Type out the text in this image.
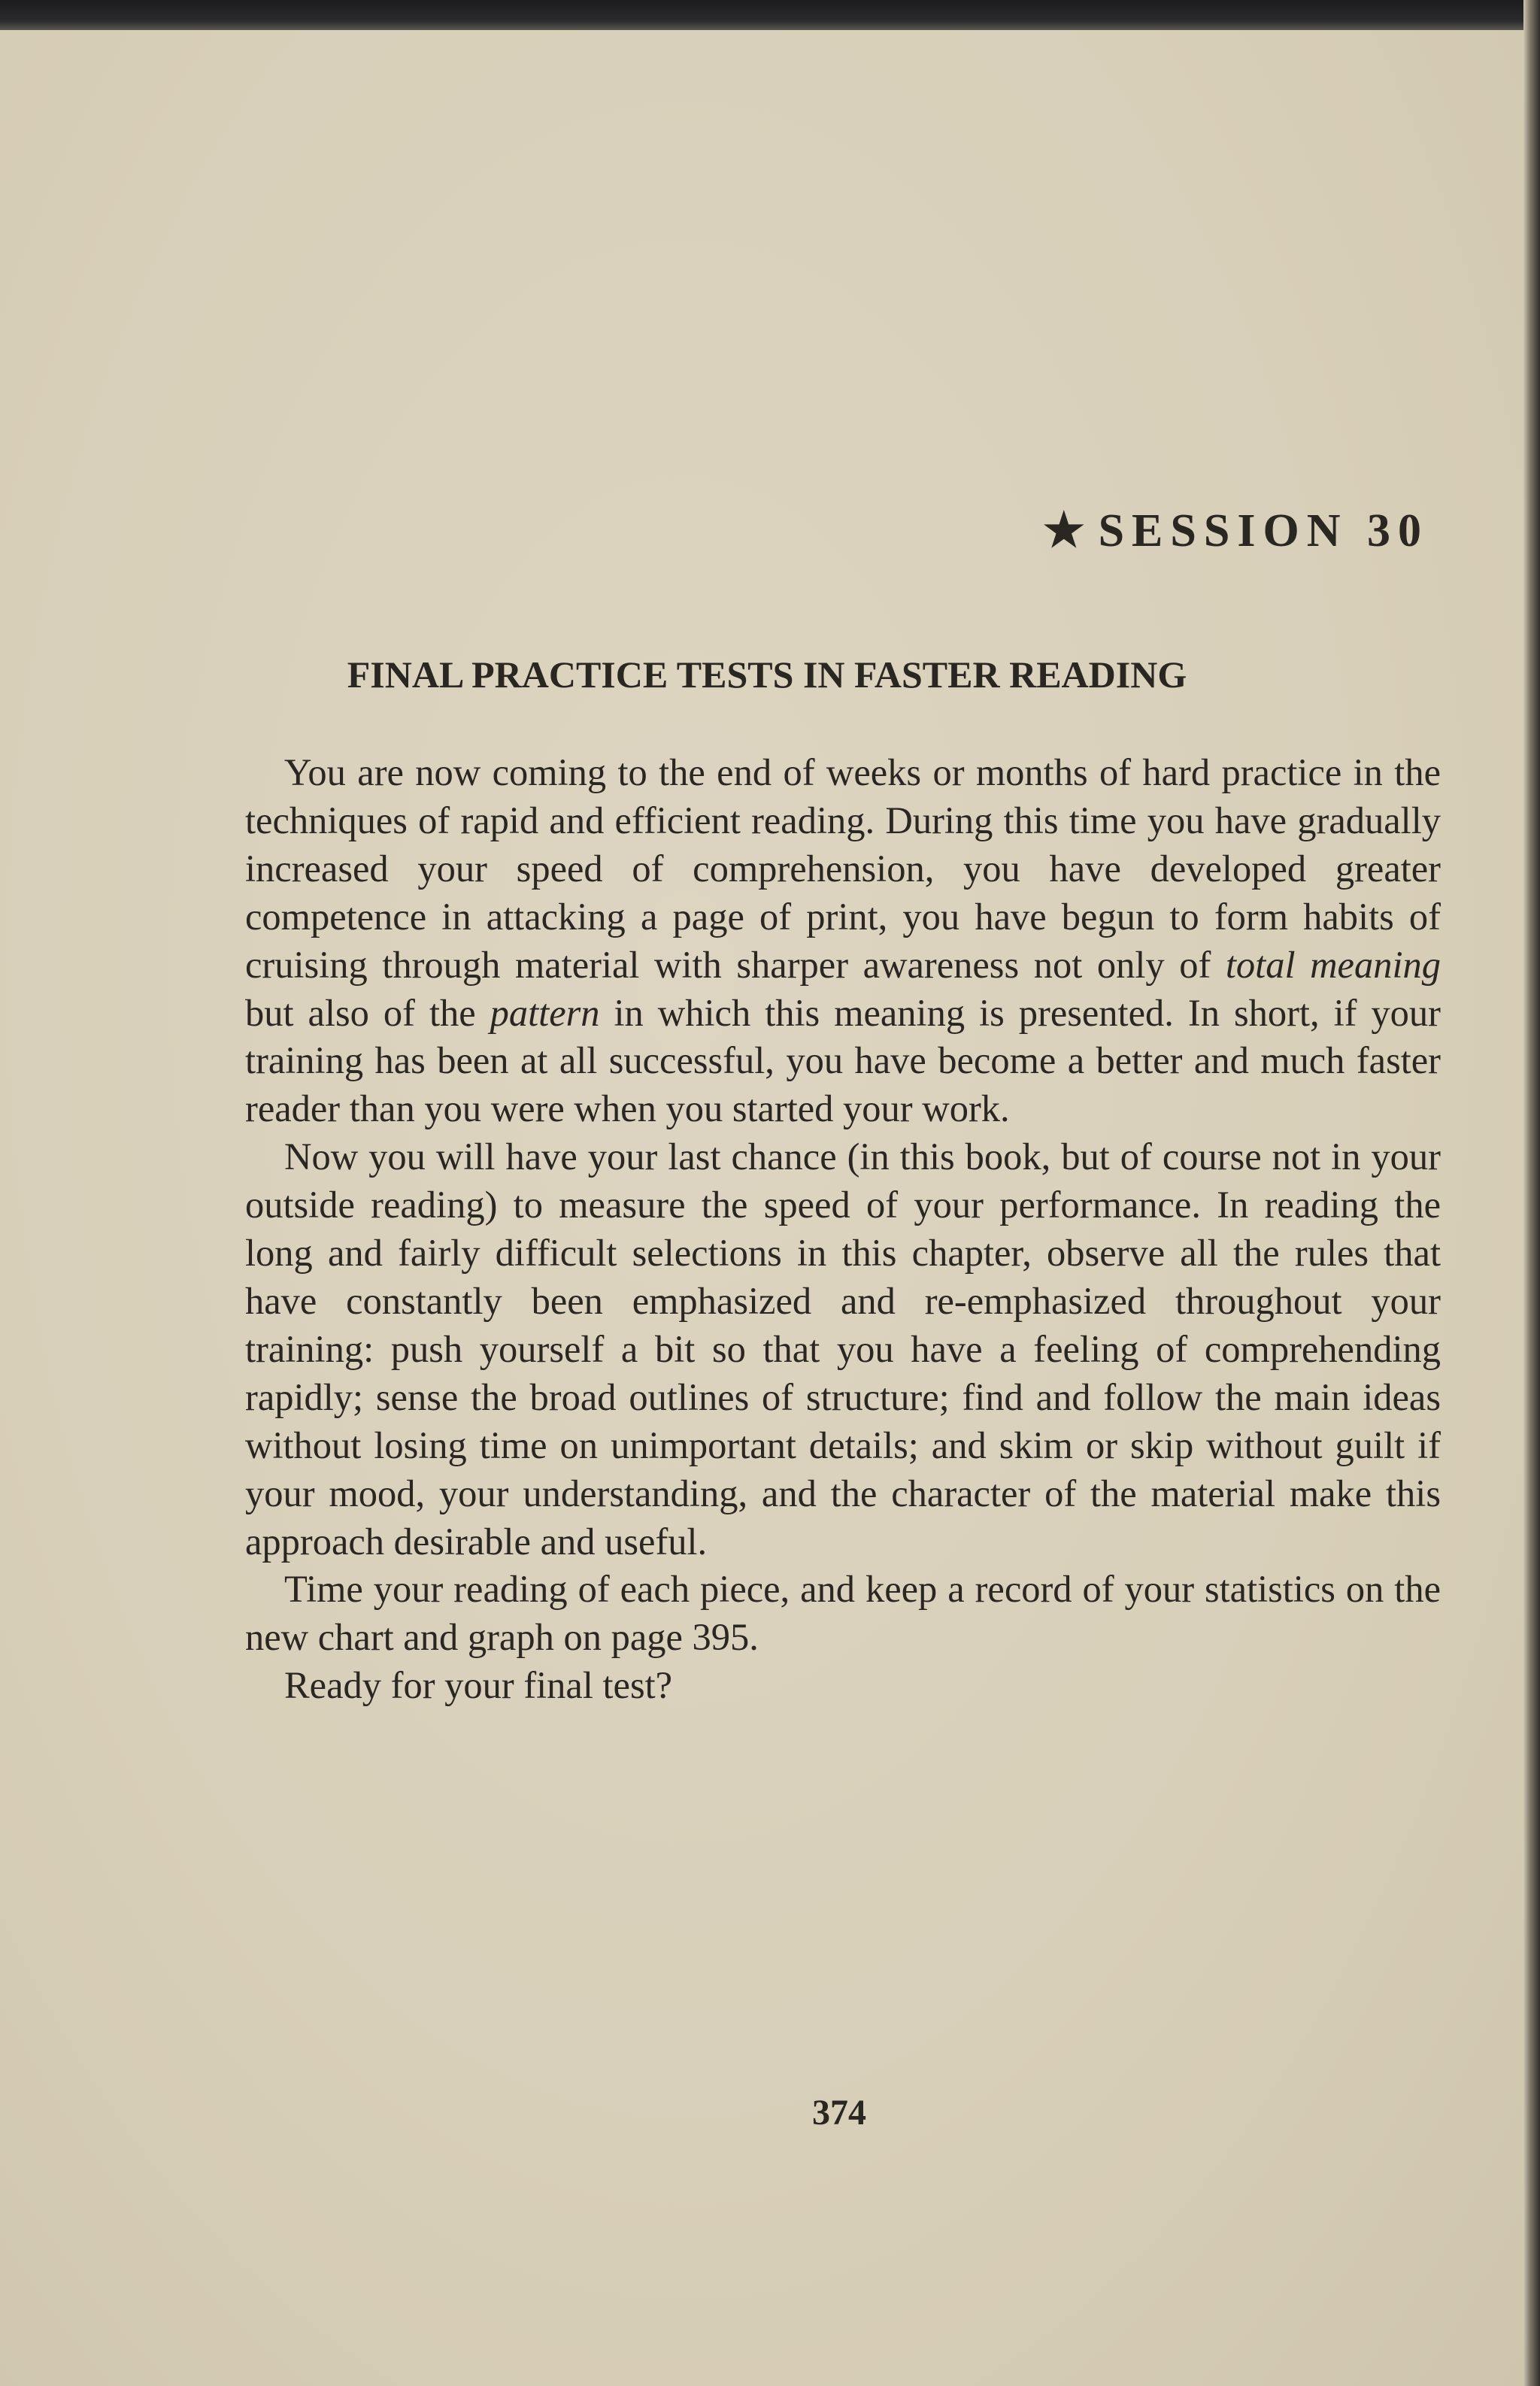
★ SESSION 30
FINAL PRACTICE TESTS IN FASTER READING

You are now coming to the end of weeks or months of hard practice in the techniques of rapid and efficient reading. During this time you have gradually increased your speed of comprehension, you have developed greater competence in attacking a page of print, you have begun to form habits of cruising through material with sharper awareness not only of total meaning but also of the pattern in which this meaning is presented. In short, if your training has been at all successful, you have become a better and much faster reader than you were when you started your work.

Now you will have your last chance (in this book, but of course not in your outside reading) to measure the speed of your performance. In reading the long and fairly difficult selections in this chapter, observe all the rules that have constantly been emphasized and re-emphasized throughout your training: push yourself a bit so that you have a feeling of comprehending rapidly; sense the broad outlines of structure; find and follow the main ideas without losing time on unimportant details; and skim or skip without guilt if your mood, your understanding, and the character of the material make this approach desirable and useful.

Time your reading of each piece, and keep a record of your statistics on the new chart and graph on page 395.

Ready for your final test?

374
